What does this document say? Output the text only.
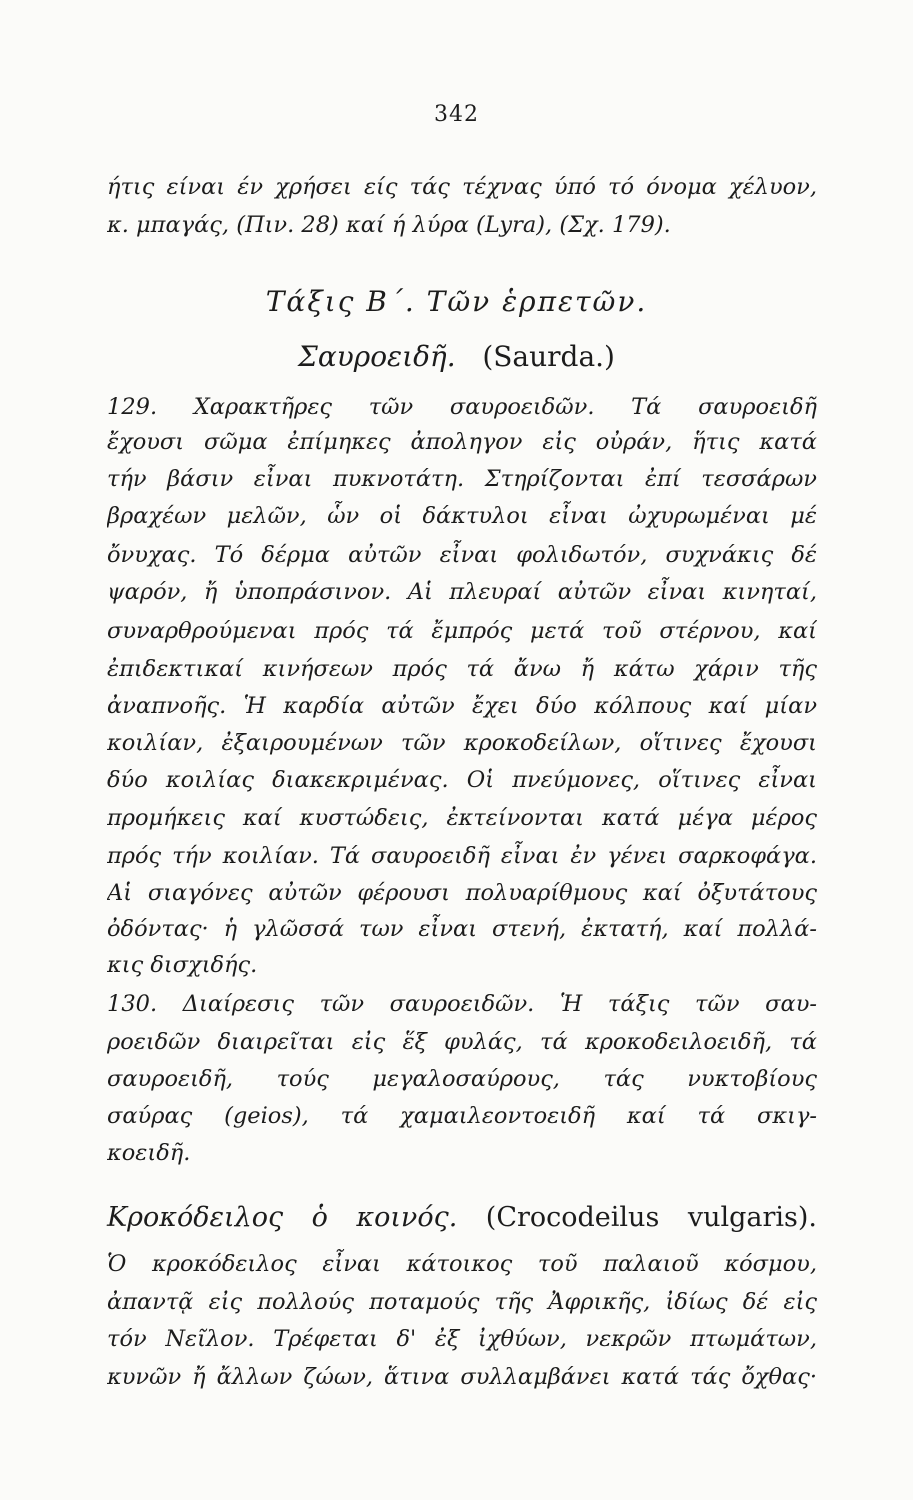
342
ήτις είναι έν χρήσει είς τάς τέχνας ύπό τό όνομα χέλυον,
κ. μπαγάς, (Πιν. 28) καί ή λύρα (Lyra), (Σχ. 179).
Τάξις Β΄. Τῶν ἑρπετῶν.
Σαυροειδῆ. (Saurda.)
129. Χαρακτῆρες τῶν σαυροειδῶν. Τά σαυροειδῆ
ἔχουσι σῶμα ἐπίμηκες ἀποληγον εἰς οὐράν, ἥτις κατά
τήν βάσιν εἶναι πυκνοτάτη. Στηρίζονται ἐπί τεσσάρων
βραχέων μελῶν, ὧν οἱ δάκτυλοι εἶναι ὠχυρωμέναι μέ
ὄνυχας. Τό δέρμα αὐτῶν εἶναι φολιδωτόν, συχνάκις δέ
ψαρόν, ἤ ὑποπράσινον. Αἱ πλευραί αὐτῶν εἶναι κινηταί,
συναρθρούμεναι πρός τά ἔμπρός μετά τοῦ στέρνου, καί
ἐπιδεκτικαί κινήσεων πρός τά ἄνω ἤ κάτω χάριν τῆς
ἀναπνοῆς. Ἡ καρδία αὐτῶν ἔχει δύο κόλπους καί μίαν
κοιλίαν, ἐξαιρουμένων τῶν κροκοδείλων, οἵτινες ἔχουσι
δύο κοιλίας διακεκριμένας. Οἱ πνεύμονες, οἵτινες εἶναι
προμήκεις καί κυστώδεις, ἐκτείνονται κατά μέγα μέρος
πρός τήν κοιλίαν. Τά σαυροειδῆ εἶναι ἐν γένει σαρκοφάγα.
Αἱ σιαγόνες αὐτῶν φέρουσι πολυαρίθμους καί ὀξυτάτους
ὀδόντας· ἡ γλῶσσά των εἶναι στενή, ἐκτατή, καί πολλά-
κις δισχιδής.
130. Διαίρεσις τῶν σαυροειδῶν. Ἡ τάξις τῶν σαυ-
ροειδῶν διαιρεῖται εἰς ἕξ φυλάς, τά κροκοδειλοειδῆ, τά
σαυροειδῆ, τούς μεγαλοσαύρους, τάς νυκτοβίους
σαύρας (geios), τά χαμαιλεοντοειδῆ καί τά σκιγ-
κοειδῆ.
Κροκόδειλος ὁ κοινός. (Crocodeilus vulgaris).
Ὁ κροκόδειλος εἶναι κάτοικος τοῦ παλαιοῦ κόσμου,
ἀπαντᾷ εἰς πολλούς ποταμούς τῆς Ἀφρικῆς, ἰδίως δέ εἰς
τόν Νεῖλον. Τρέφεται δ' ἐξ ἰχθύων, νεκρῶν πτωμάτων,
κυνῶν ἤ ἄλλων ζώων, ἅτινα συλλαμβάνει κατά τάς ὄχθας·
